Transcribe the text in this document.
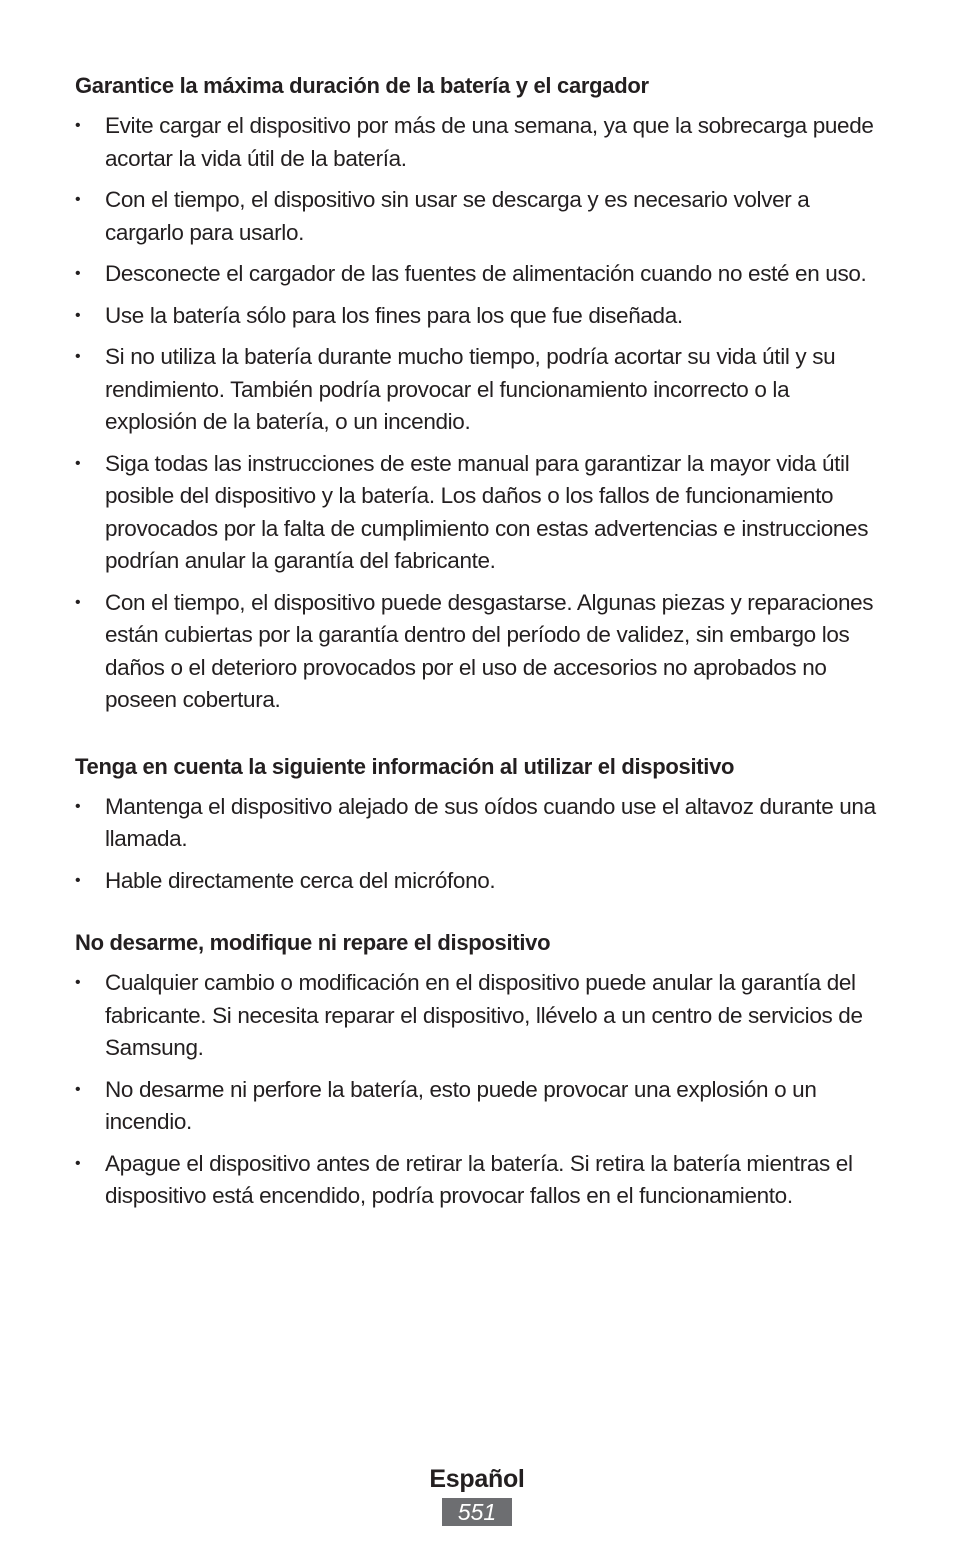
Garantice la máxima duración de la batería y el cargador
• Evite cargar el dispositivo por más de una semana, ya que la sobrecarga puede acortar la vida útil de la batería.
• Con el tiempo, el dispositivo sin usar se descarga y es necesario volver a cargarlo para usarlo.
• Desconecte el cargador de las fuentes de alimentación cuando no esté en uso.
• Use la batería sólo para los fines para los que fue diseñada.
• Si no utiliza la batería durante mucho tiempo, podría acortar su vida útil y su rendimiento. También podría provocar el funcionamiento incorrecto o la explosión de la batería, o un incendio.
• Siga todas las instrucciones de este manual para garantizar la mayor vida útil posible del dispositivo y la batería. Los daños o los fallos de funcionamiento provocados por la falta de cumplimiento con estas advertencias e instrucciones podrían anular la garantía del fabricante.
• Con el tiempo, el dispositivo puede desgastarse. Algunas piezas y reparaciones están cubiertas por la garantía dentro del período de validez, sin embargo los daños o el deterioro provocados por el uso de accesorios no aprobados no poseen cobertura.
Tenga en cuenta la siguiente información al utilizar el dispositivo
• Mantenga el dispositivo alejado de sus oídos cuando use el altavoz durante una llamada.
• Hable directamente cerca del micrófono.
No desarme, modifique ni repare el dispositivo
• Cualquier cambio o modificación en el dispositivo puede anular la garantía del fabricante. Si necesita reparar el dispositivo, llévelo a un centro de servicios de Samsung.
• No desarme ni perfore la batería, esto puede provocar una explosión o un incendio.
• Apague el dispositivo antes de retirar la batería. Si retira la batería mientras el dispositivo está encendido, podría provocar fallos en el funcionamiento.
Español
551
